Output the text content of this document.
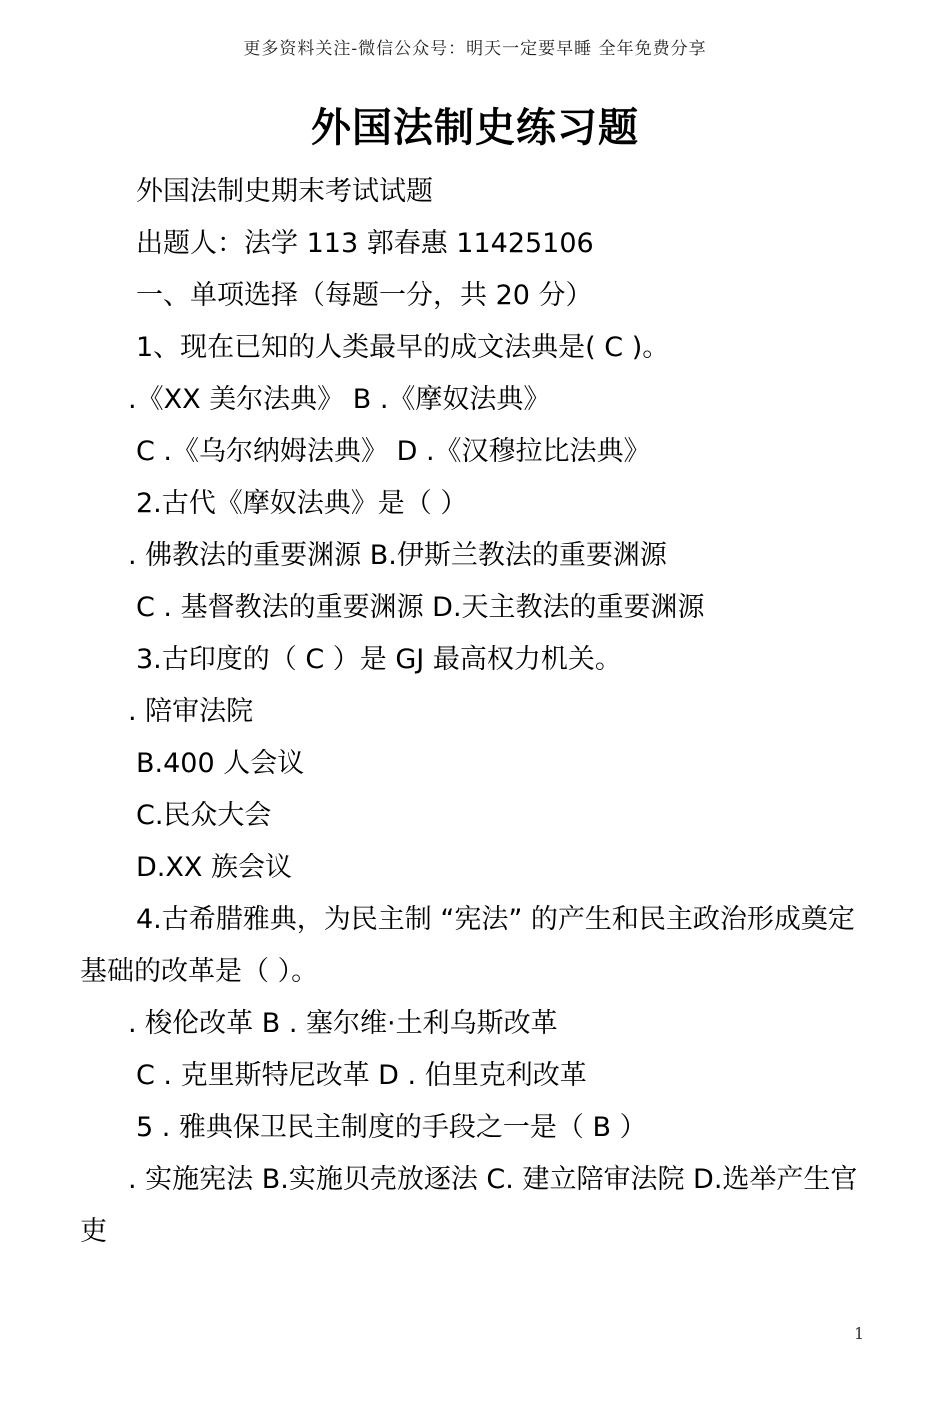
更多资料关注-微信公众号：明天一定要早睡 全年免费分享
外国法制史练习题

外国法制史期末考试试题

出题人：法学 113 郭春惠 11425106

一、单项选择（每题一分，共 20 分）

1、现在已知的人类最早的成文法典是( C )。

.《XX 美尔法典》 B .《摩奴法典》

C .《乌尔纳姆法典》 D .《汉穆拉比法典》

2.古代《摩奴法典》是（ ）

. 佛教法的重要渊源 B.伊斯兰教法的重要渊源

C . 基督教法的重要渊源 D.天主教法的重要渊源

3.古印度的（ C ）是 GJ 最高权力机关。

. 陪审法院

B.400 人会议

C.民众大会

D.XX 族会议

4.古希腊雅典，为民主制 “宪法” 的产生和民主政治形成奠定基础的改革是（ ）。

. 梭伦改革 B . 塞尔维·土利乌斯改革

C . 克里斯特尼改革 D . 伯里克利改革

5 . 雅典保卫民主制度的手段之一是（ B ）

. 实施宪法 B.实施贝壳放逐法 C. 建立陪审法院 D.选举产生官吏

1
